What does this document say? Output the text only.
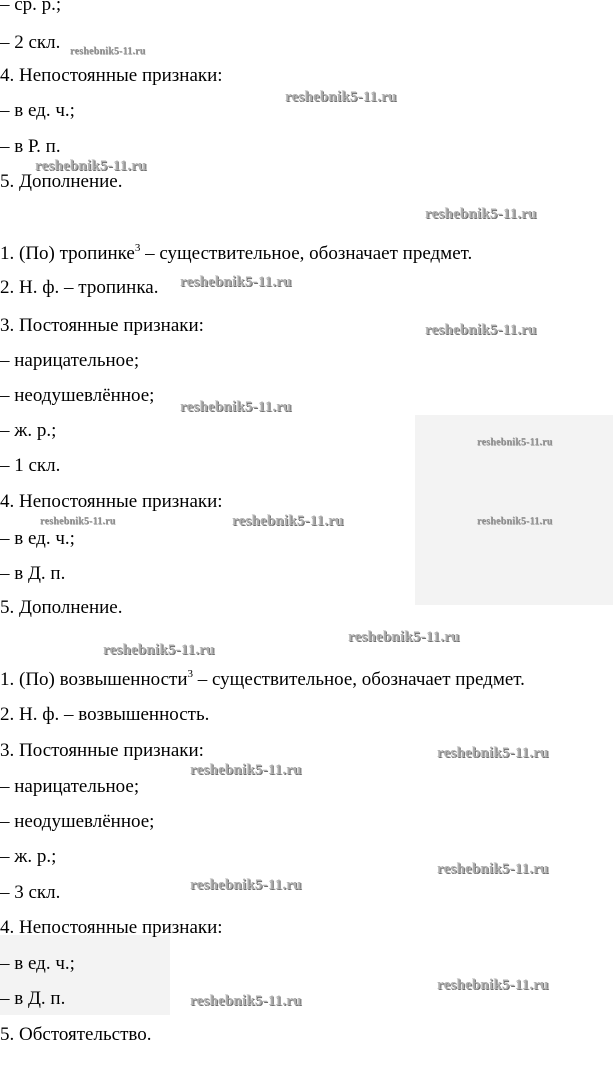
– ср. р.;
– 2 скл.
4. Непостоянные признаки:
– в ед. ч.;
– в Р. п.
5. Дополнение.
1. (По) тропинке$^3$ – существительное, обозначает предмет.
2. Н. ф. – тропинка.
3. Постоянные признаки:
– нарицательное;
– неодушевлённое;
– ж. р.;
– 1 скл.
4. Непостоянные признаки:
– в ед. ч.;
– в Д. п.
5. Дополнение.
1. (По) возвышенности$^3$ – существительное, обозначает предмет.
2. Н. ф. – возвышенность.
3. Постоянные признаки:
– нарицательное;
– неодушевлённое;
– ж. р.;
– 3 скл.
4. Непостоянные признаки:
– в ед. ч.;
– в Д. п.
5. Обстоятельство.
reshebnik5-11.ru
reshebnik5-11.ru
reshebnik5-11.ru
reshebnik5-11.ru
reshebnik5-11.ru
reshebnik5-11.ru
reshebnik5-11.ru
reshebnik5-11.ru
reshebnik5-11.ru	reshebnik5-11.ru	reshebnik5-11.ru
reshebnik5-11.ru
reshebnik5-11.ru
reshebnik5-11.ru
reshebnik5-11.ru
reshebnik5-11.ru
reshebnik5-11.ru
reshebnik5-11.ru
reshebnik5-11.ru
